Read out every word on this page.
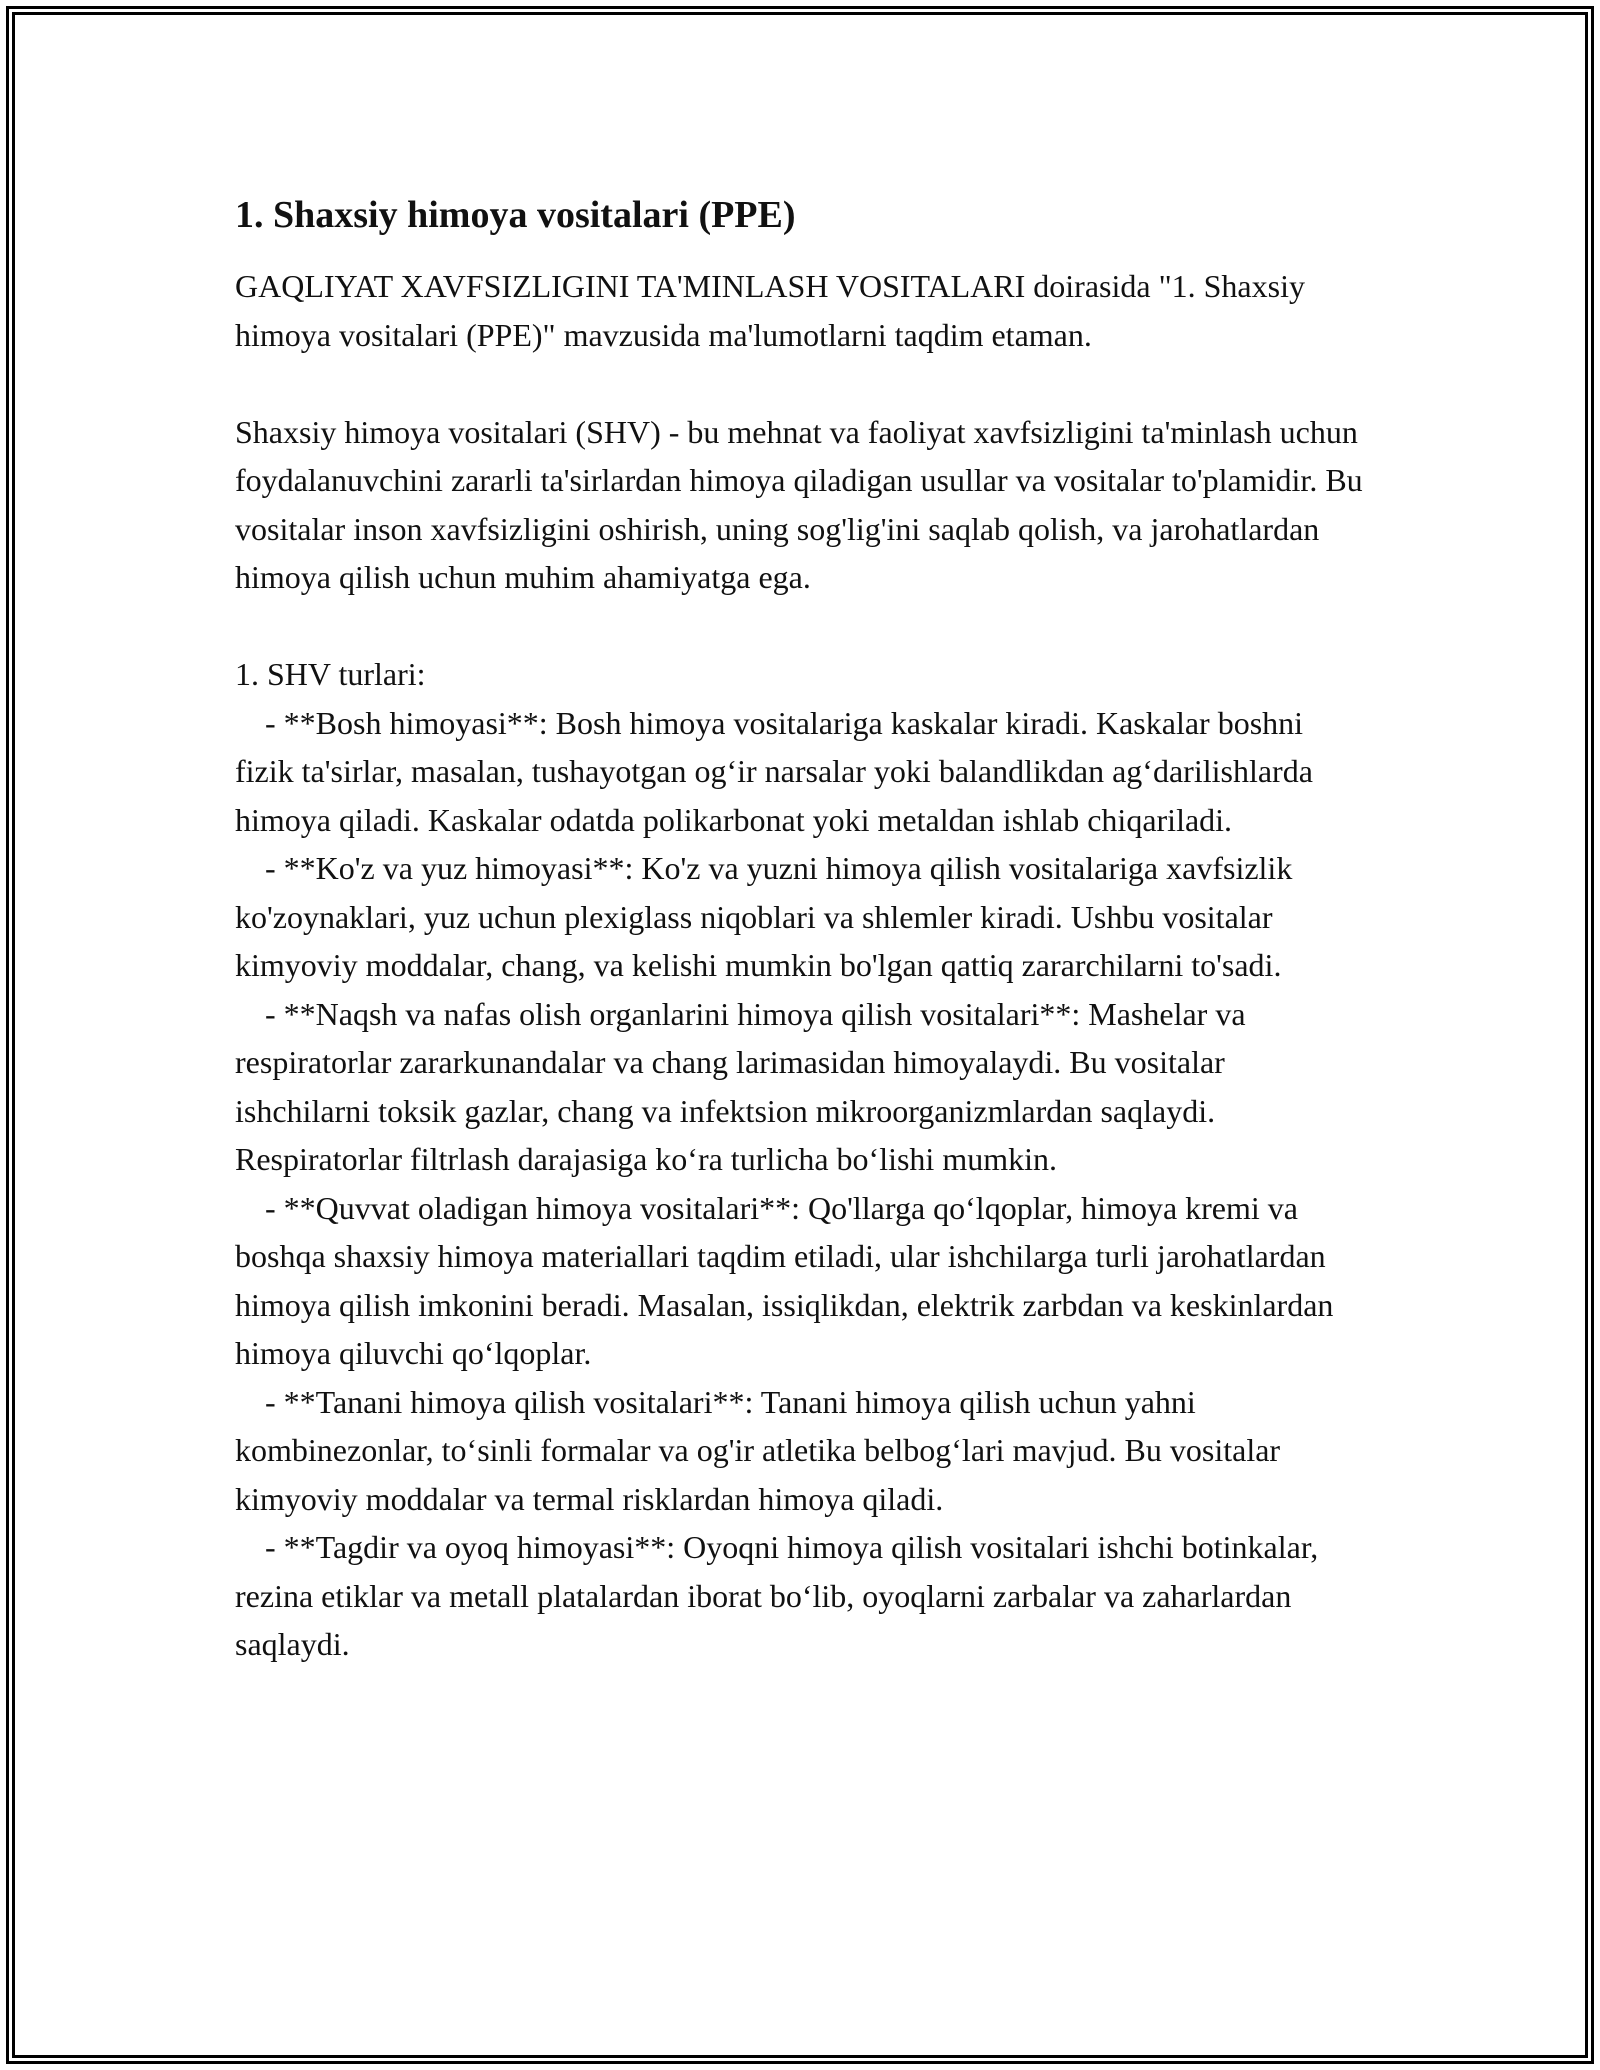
1. Shaxsiy himoya vositalari (PPE)

GAQLIYAT XAVFSIZLIGINI TA'MINLASH VOSITALARI doirasida "1. Shaxsiy himoya vositalari (PPE)" mavzusida ma'lumotlarni taqdim etaman.

Shaxsiy himoya vositalari (SHV) - bu mehnat va faoliyat xavfsizligini ta'minlash uchun foydalanuvchini zararli ta'sirlardan himoya qiladigan usullar va vositalar to'plamidir. Bu vositalar inson xavfsizligini oshirish, uning sog'lig'ini saqlab qolish, va jarohatlardan himoya qilish uchun muhim ahamiyatga ega.

1. SHV turlari:

- **Bosh himoyasi**: Bosh himoya vositalariga kaskalar kiradi. Kaskalar boshni fizik ta'sirlar, masalan, tushayotgan og‘ir narsalar yoki balandlikdan ag‘darilishlarda himoya qiladi. Kaskalar odatda polikarbonat yoki metaldan ishlab chiqariladi.

- **Ko'z va yuz himoyasi**: Ko'z va yuzni himoya qilish vositalariga xavfsizlik ko'zoynaklari, yuz uchun plexiglass niqoblari va shlemler kiradi. Ushbu vositalar kimyoviy moddalar, chang, va kelishi mumkin bo'lgan qattiq zararchilarni to'sadi.

- **Naqsh va nafas olish organlarini himoya qilish vositalari**: Mashelar va respiratorlar zararkunandalar va chang larimasidan himoyalaydi. Bu vositalar ishchilarni toksik gazlar, chang va infektsion mikroorganizmlardan saqlaydi. Respiratorlar filtrlash darajasiga ko‘ra turlicha bo‘lishi mumkin.

- **Quvvat oladigan himoya vositalari**: Qo'llarga qo‘lqoplar, himoya kremi va boshqa shaxsiy himoya materiallari taqdim etiladi, ular ishchilarga turli jarohatlardan himoya qilish imkonini beradi. Masalan, issiqlikdan, elektrik zarbdan va keskinlardan himoya qiluvchi qo‘lqoplar.

- **Tanani himoya qilish vositalari**: Tanani himoya qilish uchun yahni kombinezonlar, to‘sinli formalar va og'ir atletika belbog‘lari mavjud. Bu vositalar kimyoviy moddalar va termal risklardan himoya qiladi.

- **Tagdir va oyoq himoyasi**: Oyoqni himoya qilish vositalari ishchi botinkalar, rezina etiklar va metall platalardan iborat bo‘lib, oyoqlarni zarbalar va zaharlardan saqlaydi.
